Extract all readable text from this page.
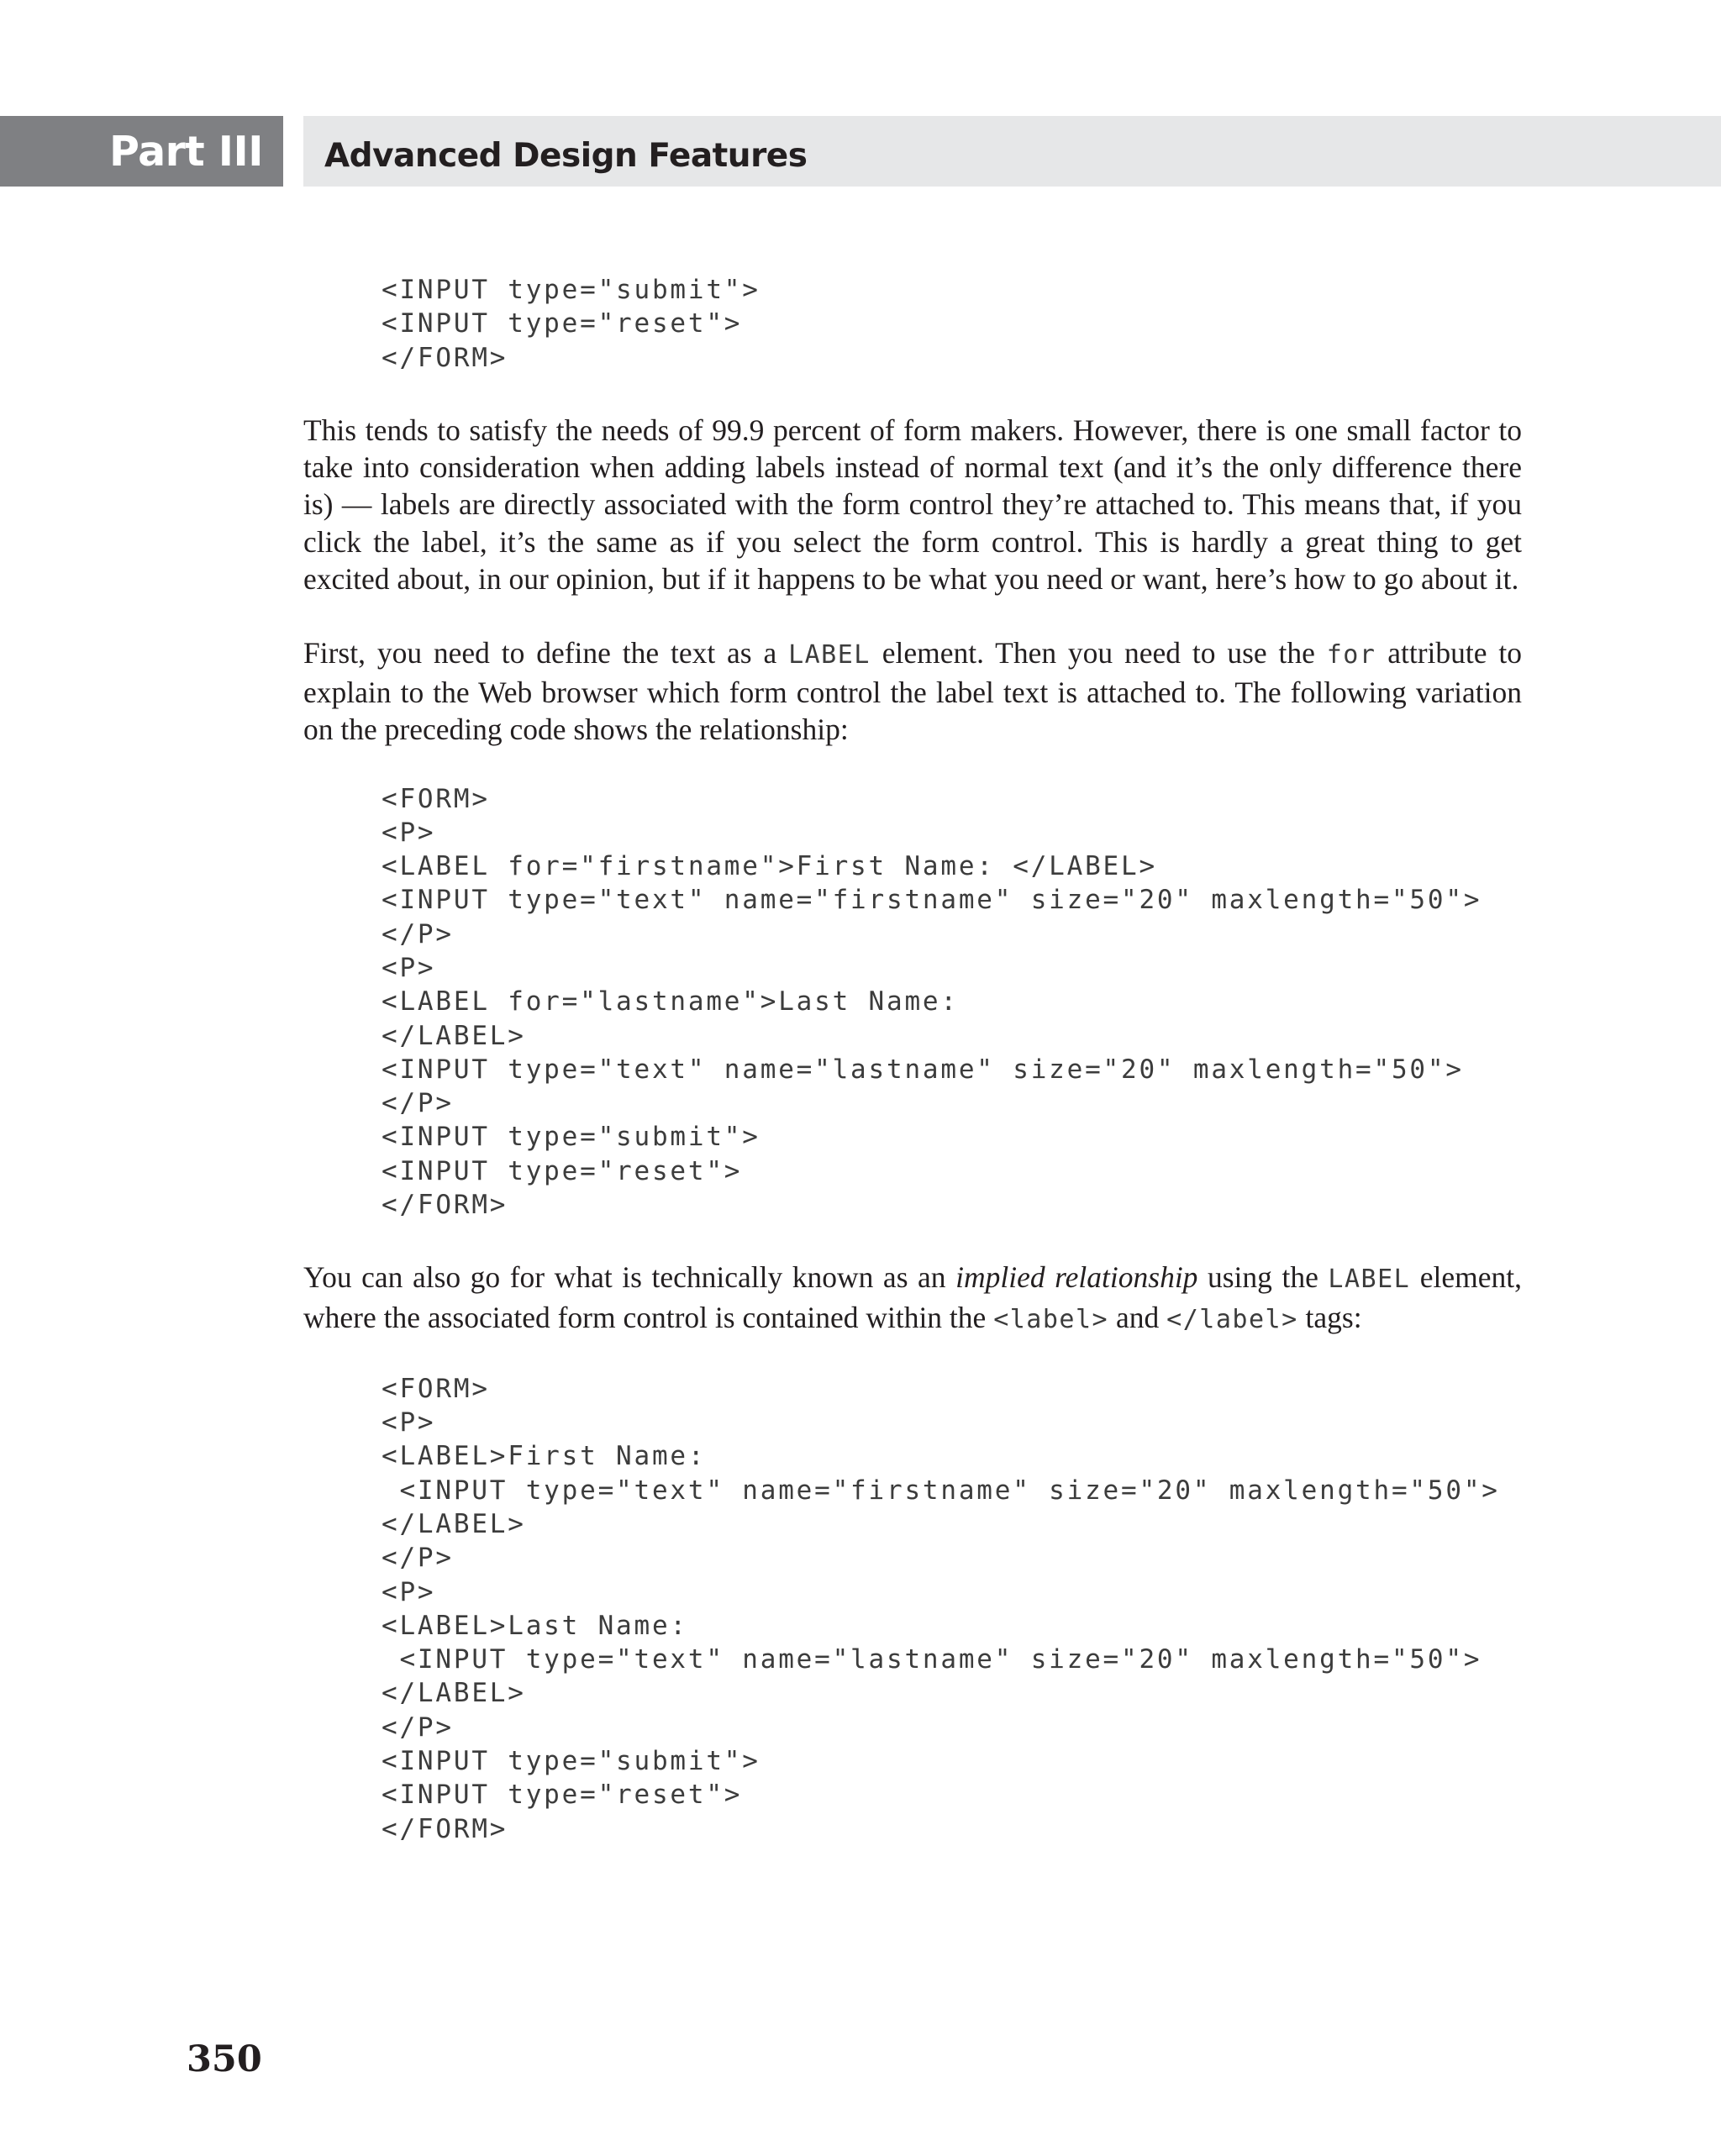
Part III	Advanced Design Features
<INPUT type="submit">
<INPUT type="reset">
</FORM>

This tends to satisfy the needs of 99.9 percent of form makers. However, there is one small factor to take into consideration when adding labels instead of normal text (and it’s the only difference there is) — labels are directly associated with the form control they’re attached to. This means that, if you click the label, it’s the same as if you select the form control. This is hardly a great thing to get excited about, in our opinion, but if it happens to be what you need or want, here’s how to go about it.

First, you need to define the text as a LABEL element. Then you need to use the for attribute to explain to the Web browser which form control the label text is attached to. The following variation on the preceding code shows the relationship:

<FORM>
<P>
<LABEL for="firstname">First Name: </LABEL>
<INPUT type="text" name="firstname" size="20" maxlength="50">
</P>
<P>
<LABEL for="lastname">Last Name:
</LABEL>
<INPUT type="text" name="lastname" size="20" maxlength="50">
</P>
<INPUT type="submit">
<INPUT type="reset">
</FORM>

You can also go for what is technically known as an implied relationship using the LABEL element, where the associated form control is contained within the <label> and </label> tags:

<FORM>
<P>
<LABEL>First Name:
<INPUT type="text" name="firstname" size="20" maxlength="50">
</LABEL>
</P>
<P>
<LABEL>Last Name:
<INPUT type="text" name="lastname" size="20" maxlength="50">
</LABEL>
</P>
<INPUT type="submit">
<INPUT type="reset">
</FORM>
350
